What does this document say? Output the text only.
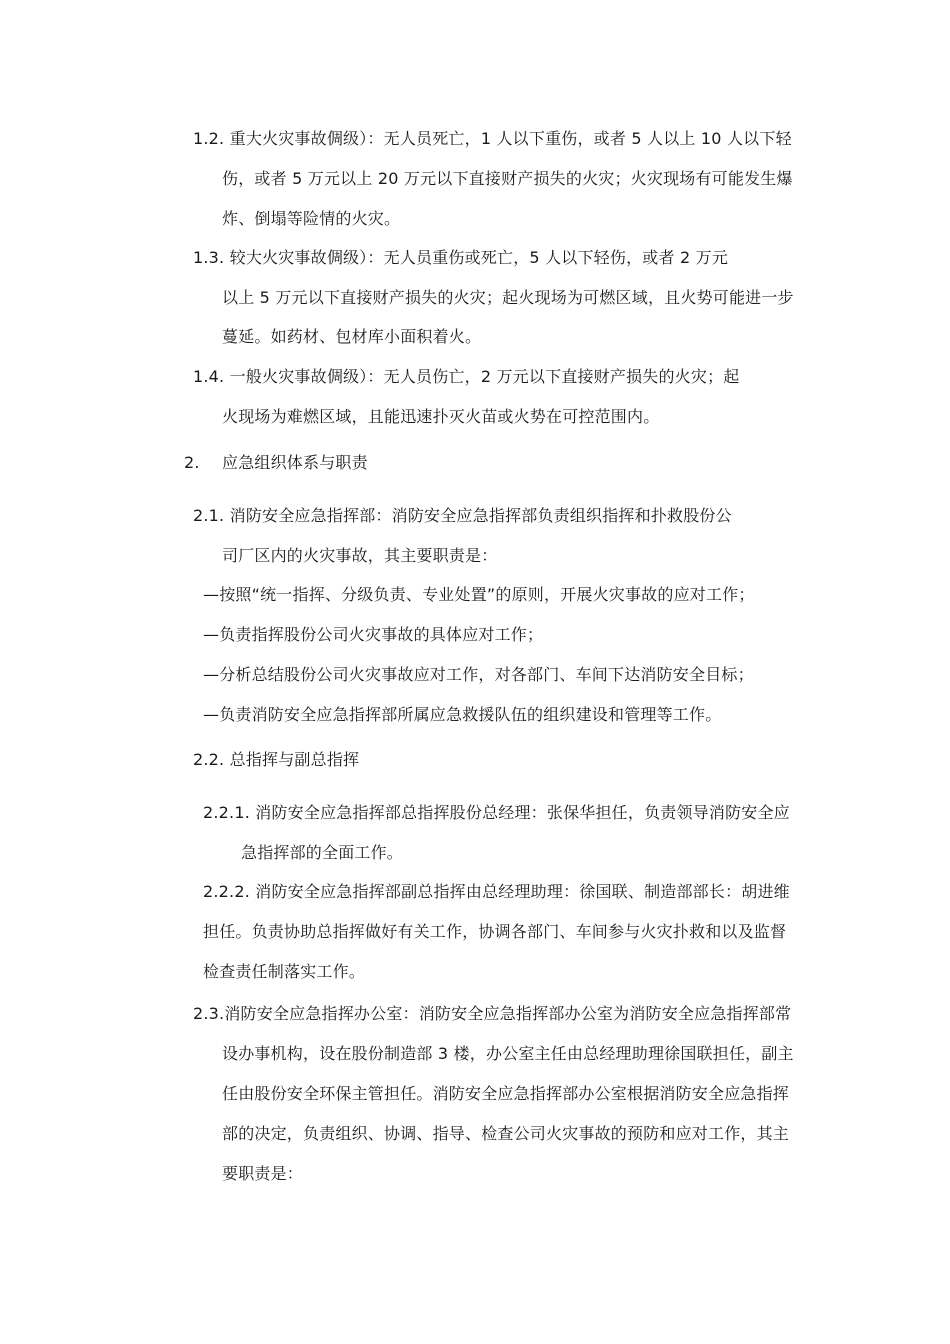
1.2. 重大火灾事故倜级）：无人员死亡，1 人以下重伤，或者 5 人以上 10 人以下轻
伤，或者 5 万元以上 20 万元以下直接财产损失的火灾；火灾现场有可能发生爆
炸、倒塌等险情的火灾。
1.3. 较大火灾事故倜级）：无人员重伤或死亡，5 人以下轻伤，或者 2 万元
以上 5 万元以下直接财产损失的火灾；起火现场为可燃区域，且火势可能进一步
蔓延。如药材、包材库小面积着火。
1.4. 一般火灾事故倜级）：无人员伤亡，2 万元以下直接财产损失的火灾；起
火现场为难燃区域，且能迅速扑灭火苗或火势在可控范围内。
2. 应急组织体系与职责
2.1. 消防安全应急指挥部：消防安全应急指挥部负责组织指挥和扑救股份公
司厂区内的火灾事故，其主要职责是：
—按照“统一指挥、分级负责、专业处置”的原则，开展火灾事故的应对工作；
—负责指挥股份公司火灾事故的具体应对工作；
—分析总结股份公司火灾事故应对工作，对各部门、车间下达消防安全目标；
—负责消防安全应急指挥部所属应急救援队伍的组织建设和管理等工作。
2.2. 总指挥与副总指挥
2.2.1. 消防安全应急指挥部总指挥股份总经理：张保华担任，负责领导消防安全应
急指挥部的全面工作。
2.2.2. 消防安全应急指挥部副总指挥由总经理助理：徐国联、制造部部长：胡进维
担任。负责协助总指挥做好有关工作，协调各部门、车间参与火灾扑救和以及监督
检查责任制落实工作。
2.3.消防安全应急指挥办公室：消防安全应急指挥部办公室为消防安全应急指挥部常
设办事机构，设在股份制造部 3 楼，办公室主任由总经理助理徐国联担任，副主
任由股份安全环保主管担任。消防安全应急指挥部办公室根据消防安全应急指挥
部的决定，负责组织、协调、指导、检查公司火灾事故的预防和应对工作，其主
要职责是：
